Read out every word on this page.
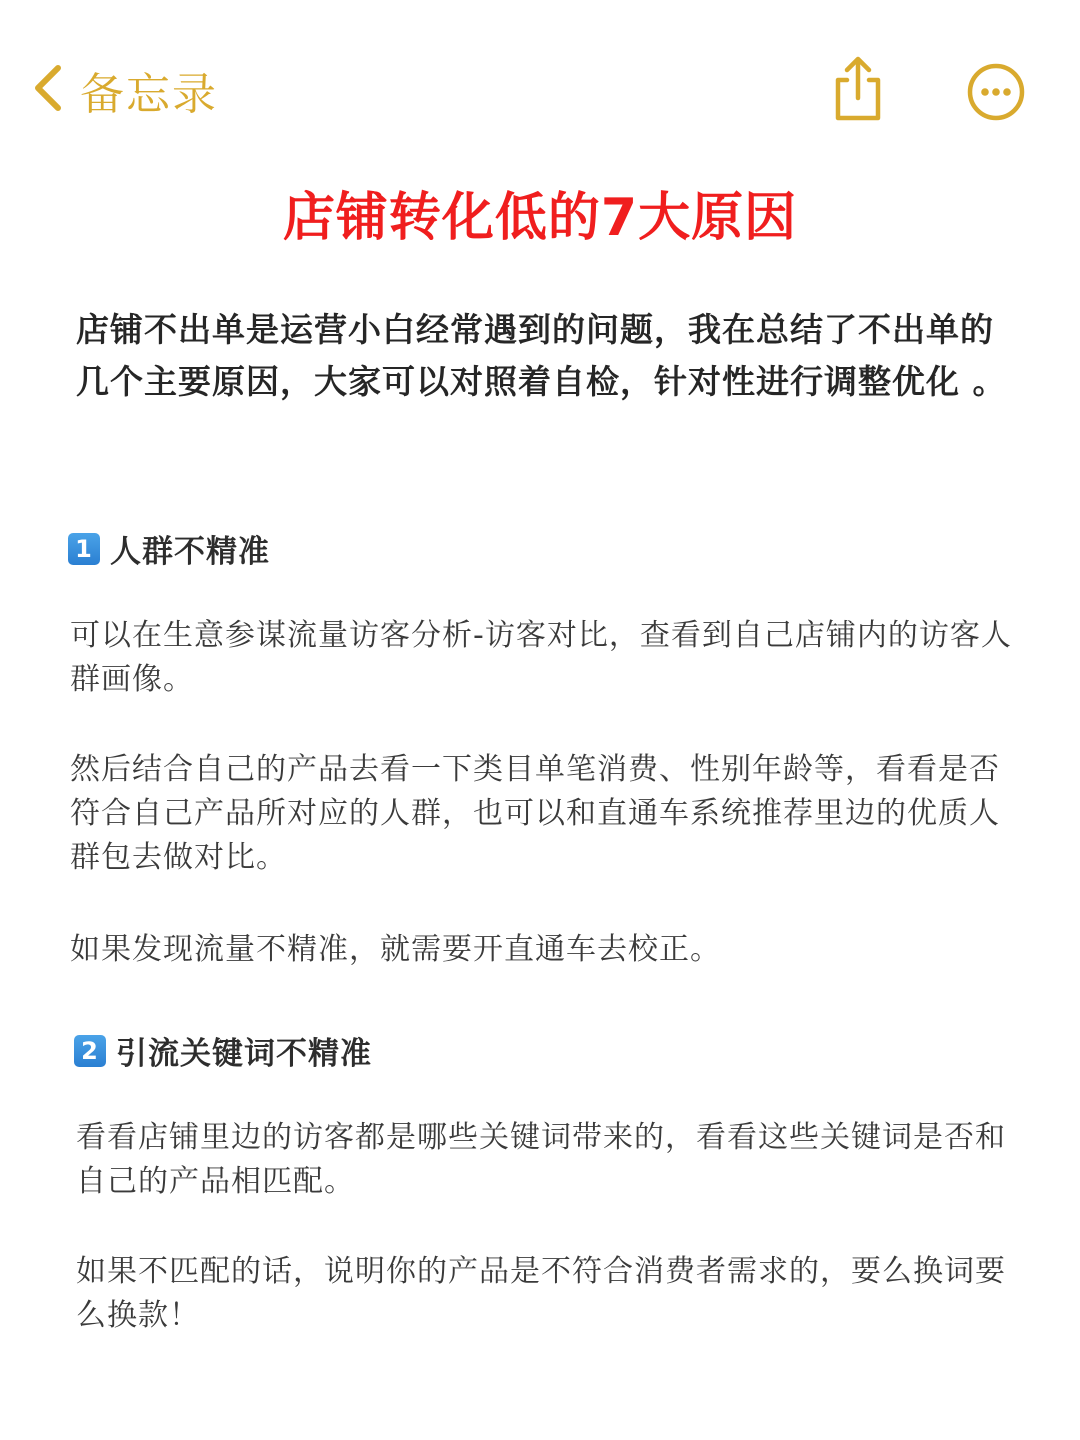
备忘录
店铺转化低的7大原因
店铺不出单是运营小白经常遇到的问题，我在总结了不出单的几个主要原因，大家可以对照着自检，针对性进行调整优化 。
1 人群不精准
可以在生意参谋流量访客分析-访客对比，查看到自己店铺内的访客人群画像。
然后结合自己的产品去看一下类目单笔消费、性别年龄等，看看是否符合自己产品所对应的人群，也可以和直通车系统推荐里边的优质人群包去做对比。
如果发现流量不精准，就需要开直通车去校正。
2 引流关键词不精准
看看店铺里边的访客都是哪些关键词带来的，看看这些关键词是否和自己的产品相匹配。
如果不匹配的话，说明你的产品是不符合消费者需求的，要么换词要么换款！
